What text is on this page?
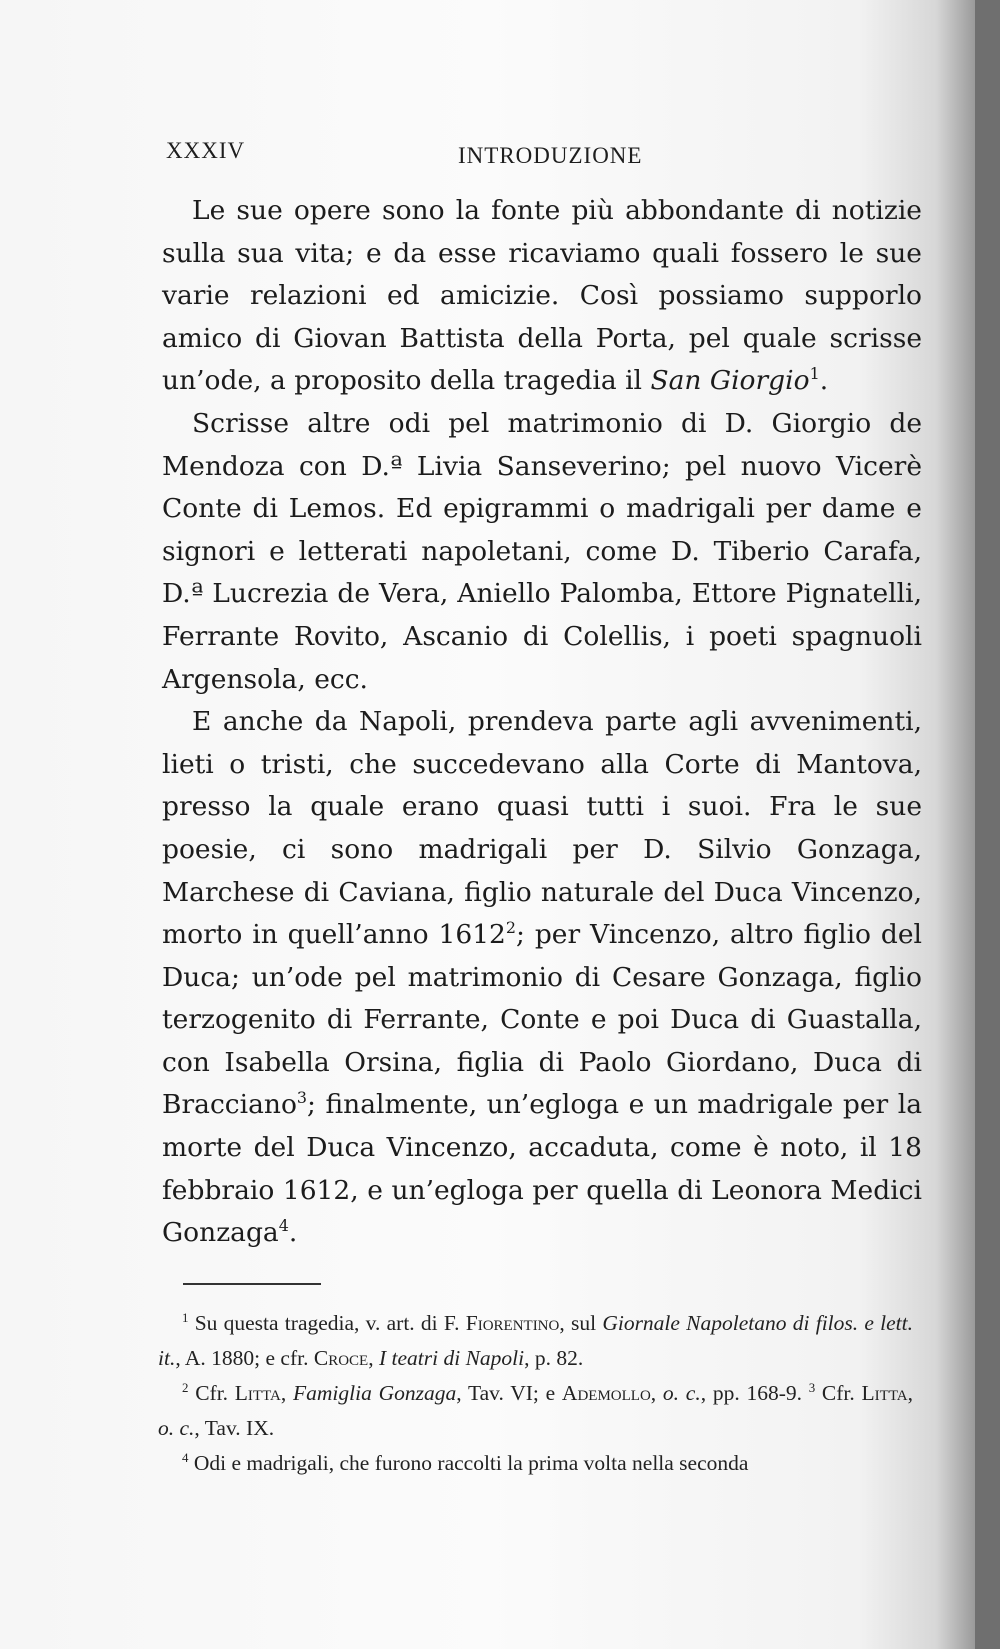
XXXIV	INTRODUZIONE

Le sue opere sono la fonte più abbondante di notizie sulla sua vita; e da esse ricaviamo quali fossero le sue varie relazioni ed amicizie. Così possiamo supporlo amico di Giovan Battista della Porta, pel quale scrisse un’ode, a proposito della tragedia il San Giorgio$^1$.

Scrisse altre odi pel matrimonio di D. Giorgio de Mendoza con D.ª Livia Sanseverino; pel nuovo Vicerè Conte di Lemos. Ed epigrammi o madrigali per dame e signori e letterati napoletani, come D. Tiberio Carafa, D.ª Lucrezia de Vera, Aniello Palomba, Ettore Pignatelli, Ferrante Rovito, Ascanio di Colellis, i poeti spagnuoli Argensola, ecc.

E anche da Napoli, prendeva parte agli avvenimenti, lieti o tristi, che succedevano alla Corte di Mantova, presso la quale erano quasi tutti i suoi. Fra le sue poesie, ci sono madrigali per D. Silvio Gonzaga, Marchese di Caviana, figlio naturale del Duca Vincenzo, morto in quell’anno 1612$^2$; per Vincenzo, altro figlio del Duca; un’ode pel matrimonio di Cesare Gonzaga, figlio terzogenito di Ferrante, Conte e poi Duca di Guastalla, con Isabella Orsina, figlia di Paolo Giordano, Duca di Bracciano$^3$; finalmente, un’egloga e un madrigale per la morte del Duca Vincenzo, accaduta, come è noto, il 18 febbraio 1612, e un’egloga per quella di Leonora Medici Gonzaga$^4$.

$^1$ Su questa tragedia, v. art. di F. Fiorentino, sul Giornale Napoletano di filos. e lett. it., A. 1880; e cfr. Croce, I teatri di Napoli, p. 82.

$^2$ Cfr. Litta, Famiglia Gonzaga, Tav. VI; e Ademollo, o. c., pp. 168-9. $^3$ Cfr. Litta, o. c., Tav. IX.

$^4$ Odi e madrigali, che furono raccolti la prima volta nella seconda
